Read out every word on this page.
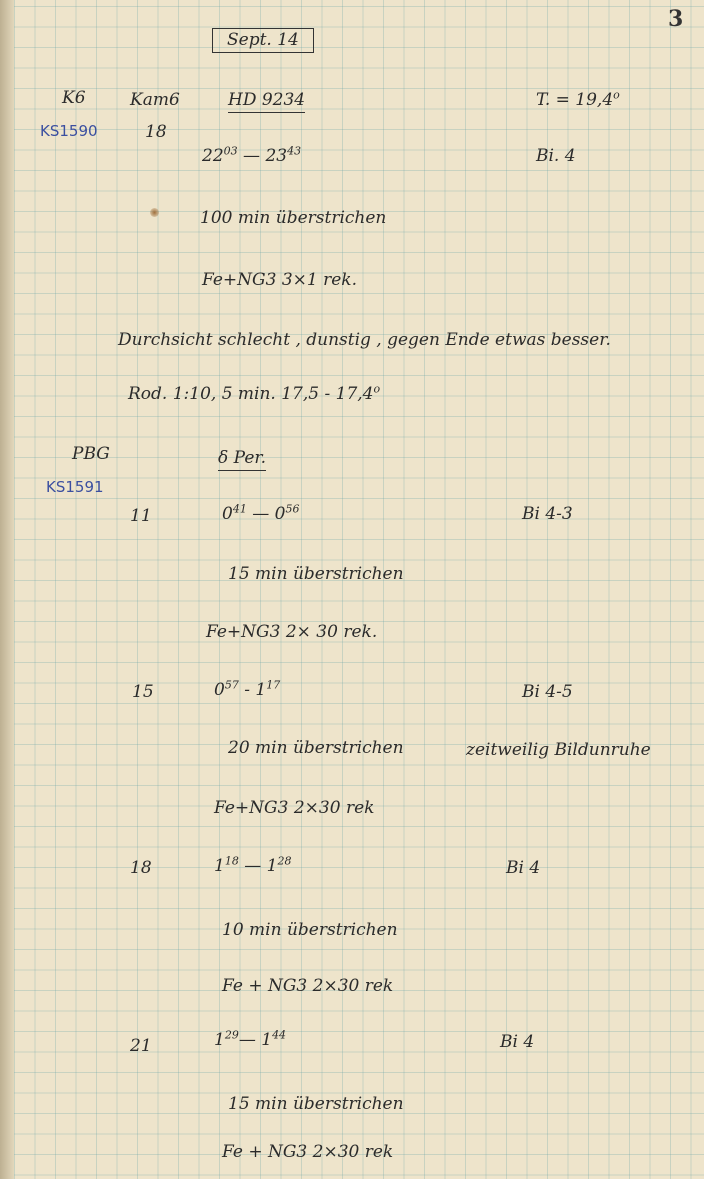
3
Sept. 14
K6
KS1590
Kam6
18
HD 9234	T. = $19,4^o$
$22^{03}$ — $23^{43}$	Bi. 4
100 min überstrichen
Fe+NG3 3×1 rek.
Durchsicht schlecht , dunstig , gegen Ende etwas besser.
Rod. 1:10, 5 min. 17,5 - 17,4$^o$
PBG
KS1591
δ Per.
11	$0^{41}$ — $0^{56}$	Bi 4-3
15 min überstrichen
Fe+NG3 2× 30 rek.
15	$0^{57} - 1^{17}$	Bi 4-5
20 min überstrichen	zeitweilig Bildunruhe
Fe+NG3 2×30 rek
18	$1^{18}$ — $1^{28}$	Bi 4
10 min überstrichen
Fe + NG3 2×30 rek
21	$1^{29}—$ $1^{44}$	Bi 4
15 min überstrichen
Fe + NG3 2×30 rek
